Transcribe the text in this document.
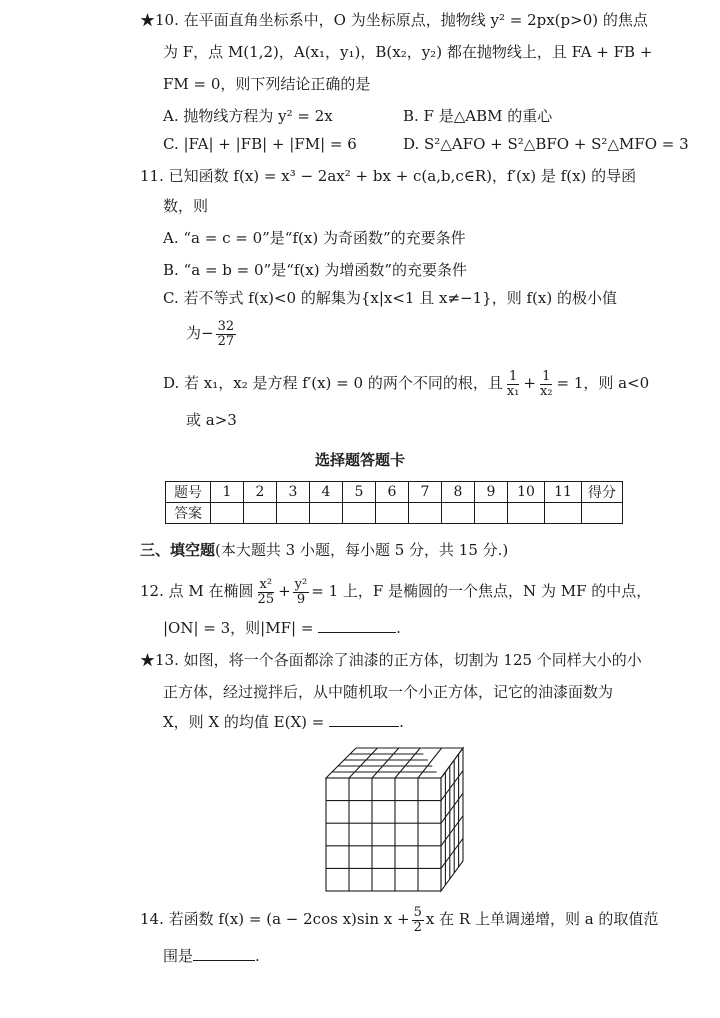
★10. 在平面直角坐标系中，O 为坐标原点，抛物线 y² = 2px(p>0) 的焦点
为 F，点 M(1,2)，A(x₁，y₁)，B(x₂，y₂) 都在抛物线上，且 FA + FB +
FM = 0，则下列结论正确的是
A. 抛物线方程为 y² = 2x	B. F 是△ABM 的重心
C. |FA| + |FB| + |FM| = 6	D. S²△AFO + S²△BFO + S²△MFO = 3
11. 已知函数 f(x) = x³ − 2ax² + bx + c(a,b,c∈R)，f′(x) 是 f(x) 的导函
数，则
A. “a = c = 0”是“f(x) 为奇函数”的充要条件
B. “a = b = 0”是“f(x) 为增函数”的充要条件
C. 若不等式 f(x)<0 的解集为{x|x<1 且 x≠−1}，则 f(x) 的极小值
为− $\frac{32}{27}$
D. 若 x₁，x₂ 是方程 f′(x) = 0 的两个不同的根，且 $\frac{1}{\text{x₁}} + \frac{1}{\text{x₂}} = 1$，则 a<0
或 a>3
选择题答题卡
题号	1	2	3	4	5	6	7	8	9	10	11	得分
答案												
三、填空题(本大题共 3 小题，每小题 5 分，共 15 分.)
12. 点 M 在椭圆 $\frac{\text{x²}}{25} + \frac{\text{y²}}{9} = 1$ 上，F 是椭圆的一个焦点，N 为 MF 的中点，
|ON| = 3，则|MF| =	.
★13. 如图，将一个各面都涂了油漆的正方体，切割为 125 个同样大小的小
正方体，经过搅拌后，从中随机取一个小正方体，记它的油漆面数为
X，则 X 的均值 E(X) =	.
14. 若函数 f(x) = (a − 2cos x)sin $x + \frac{5}{2}$ x 在 R 上单调递增，则 a 的取值范
围是	.
